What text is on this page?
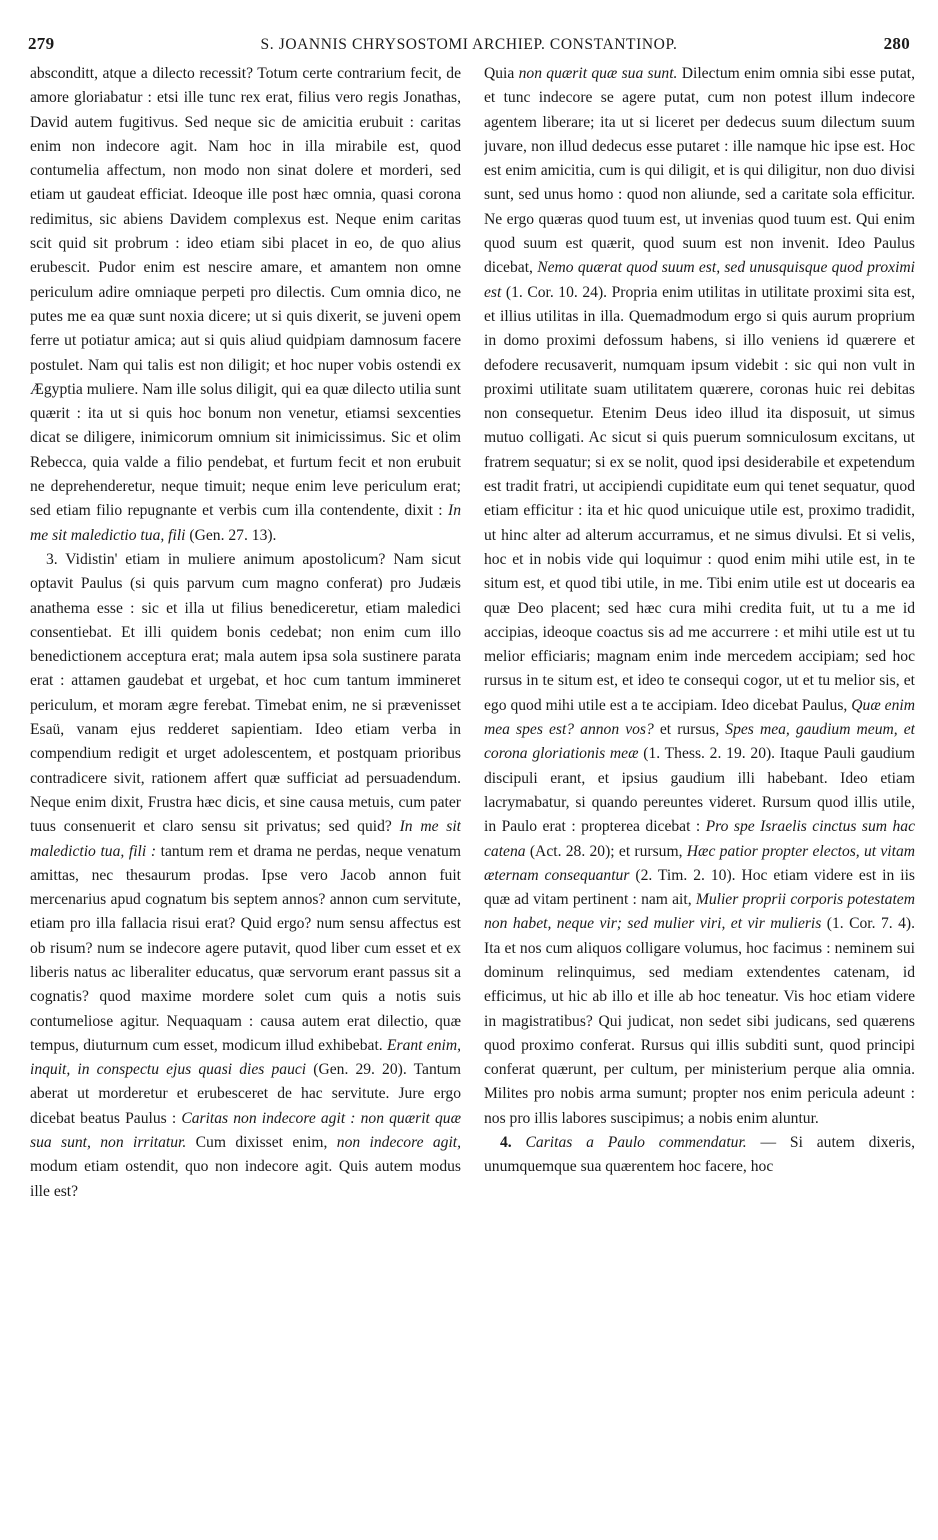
279	S. JOANNIS CHRYSOSTOMI ARCHIEP. CONSTANTINOP.	280

absconditt, atque a dilecto recessit? Totum certe contrarium fecit, de amore gloriabatur : etsi ille tunc rex erat, filius vero regis Jonathas, David autem fugitivus. Sed neque sic de amicitia erubuit : caritas enim non indecore agit. Nam hoc in illa mirabile est, quod contumelia affectum, non modo non sinat dolere et morderi, sed etiam ut gaudeat efficiat. Ideoque ille post hæc omnia, quasi corona redimitus, sic abiens Davidem complexus est. Neque enim caritas scit quid sit probrum : ideo etiam sibi placet in eo, de quo alius erubescit. Pudor enim est nescire amare, et amantem non omne periculum adire omniaque perpeti pro dilectis. Cum omnia dico, ne putes me ea quæ sunt noxia dicere; ut si quis dixerit, se juveni opem ferre ut potiatur amica; aut si quis aliud quidpiam damnosum facere postulet. Nam qui talis est non diligit; et hoc nuper vobis ostendi ex Ægyptia muliere. Nam ille solus diligit, qui ea quæ dilecto utilia sunt quærit : ita ut si quis hoc bonum non venetur, etiamsi sexcenties dicat se diligere, inimicorum omnium sit inimicissimus. Sic et olim Rebecca, quia valde a filio pendebat, et furtum fecit et non erubuit ne deprehenderetur, neque timuit; neque enim leve periculum erat; sed etiam filio repugnante et verbis cum illa contendente, dixit : In me sit maledictio tua, fili (Gen. 27. 13).

3. Vidistin' etiam in muliere animum apostolicum? Nam sicut optavit Paulus (si quis parvum cum magno conferat) pro Judæis anathema esse : sic et illa ut filius benediceretur, etiam maledici consentiebat. Et illi quidem bonis cedebat; non enim cum illo benedictionem acceptura erat; mala autem ipsa sola sustinere parata erat : attamen gaudebat et urgebat, et hoc cum tantum immineret periculum, et moram ægre ferebat. Timebat enim, ne si prævenisset Esaü, vanam ejus redderet sapientiam. Ideo etiam verba in compendium redigit et urget adolescentem, et postquam prioribus contradicere sivit, rationem affert quæ sufficiat ad persuadendum. Neque enim dixit, Frustra hæc dicis, et sine causa metuis, cum pater tuus consenuerit et claro sensu sit privatus; sed quid? In me sit maledictio tua, fili : tantum rem et drama ne perdas, neque venatum amittas, nec thesaurum prodas. Ipse vero Jacob annon fuit mercenarius apud cognatum bis septem annos? annon cum servitute, etiam pro illa fallacia risui erat? Quid ergo? num sensu affectus est ob risum? num se indecore agere putavit, quod liber cum esset et ex liberis natus ac liberaliter educatus, quæ servorum erant passus sit a cognatis? quod maxime mordere solet cum quis a notis suis contumeliose agitur. Nequaquam : causa autem erat dilectio, quæ tempus, diuturnum cum esset, modicum illud exhibebat. Erant enim, inquit, in conspectu ejus quasi dies pauci (Gen. 29. 20). Tantum aberat ut morderetur et erubesceret de hac servitute. Jure ergo dicebat beatus Paulus : Caritas non indecore agit : non quærit quæ sua sunt, non irritatur. Cum dixisset enim, non indecore agit, modum etiam ostendit, quo non indecore agit. Quis autem modus ille est?

Quia non quærit quæ sua sunt. Dilectum enim omnia sibi esse putat, et tunc indecore se agere putat, cum non potest illum indecore agentem liberare; ita ut si liceret per dedecus suum dilectum suum juvare, non illud dedecus esse putaret : ille namque hic ipse est. Hoc est enim amicitia, cum is qui diligit, et is qui diligitur, non duo divisi sunt, sed unus homo : quod non aliunde, sed a caritate sola efficitur. Ne ergo quæras quod tuum est, ut invenias quod tuum est. Qui enim quod suum est quærit, quod suum est non invenit. Ideo Paulus dicebat, Nemo quærat quod suum est, sed unusquisque quod proximi est (1. Cor. 10. 24). Propria enim utilitas in utilitate proximi sita est, et illius utilitas in illa. Quemadmodum ergo si quis aurum proprium in domo proximi defossum habens, si illo veniens id quærere et defodere recusaverit, numquam ipsum videbit : sic qui non vult in proximi utilitate suam utilitatem quærere, coronas huic rei debitas non consequetur. Etenim Deus ideo illud ita disposuit, ut simus mutuo colligati. Ac sicut si quis puerum somniculosum excitans, ut fratrem sequatur; si ex se nolit, quod ipsi desiderabile et expetendum est tradit fratri, ut accipiendi cupiditate eum qui tenet sequatur, quod etiam efficitur : ita et hic quod unicuique utile est, proximo tradidit, ut hinc alter ad alterum accurramus, et ne simus divulsi. Et si velis, hoc et in nobis vide qui loquimur : quod enim mihi utile est, in te situm est, et quod tibi utile, in me. Tibi enim utile est ut docearis ea quæ Deo placent; sed hæc cura mihi credita fuit, ut tu a me id accipias, ideoque coactus sis ad me accurrere : et mihi utile est ut tu melior efficiaris; magnam enim inde mercedem accipiam; sed hoc rursus in te situm est, et ideo te consequi cogor, ut et tu melior sis, et ego quod mihi utile est a te accipiam. Ideo dicebat Paulus, Quæ enim mea spes est? annon vos? et rursus, Spes mea, gaudium meum, et corona gloriationis meæ (1. Thess. 2. 19. 20). Itaque Pauli gaudium discipuli erant, et ipsius gaudium illi habebant. Ideo etiam lacrymabatur, si quando pereuntes videret. Rursum quod illis utile, in Paulo erat : propterea dicebat : Pro spe Israelis cinctus sum hac catena (Act. 28. 20); et rursum, Hæc patior propter electos, ut vitam æternam consequantur (2. Tim. 2. 10). Hoc etiam videre est in iis quæ ad vitam pertinent : nam ait, Mulier proprii corporis potestatem non habet, neque vir; sed mulier viri, et vir mulieris (1. Cor. 7. 4). Ita et nos cum aliquos colligare volumus, hoc facimus : neminem sui dominum relinquimus, sed mediam extendentes catenam, id efficimus, ut hic ab illo et ille ab hoc teneatur. Vis hoc etiam videre in magistratibus? Qui judicat, non sedet sibi judicans, sed quærens quod proximo conferat. Rursus qui illis subditi sunt, quod principi conferat quærunt, per cultum, per ministerium perque alia omnia. Milites pro nobis arma sumunt; propter nos enim pericula adeunt : nos pro illis labores suscipimus; a nobis enim aluntur.

4. Caritas a Paulo commendatur. — Si autem dixeris, unumquemque sua quærentem hoc facere, hoc
